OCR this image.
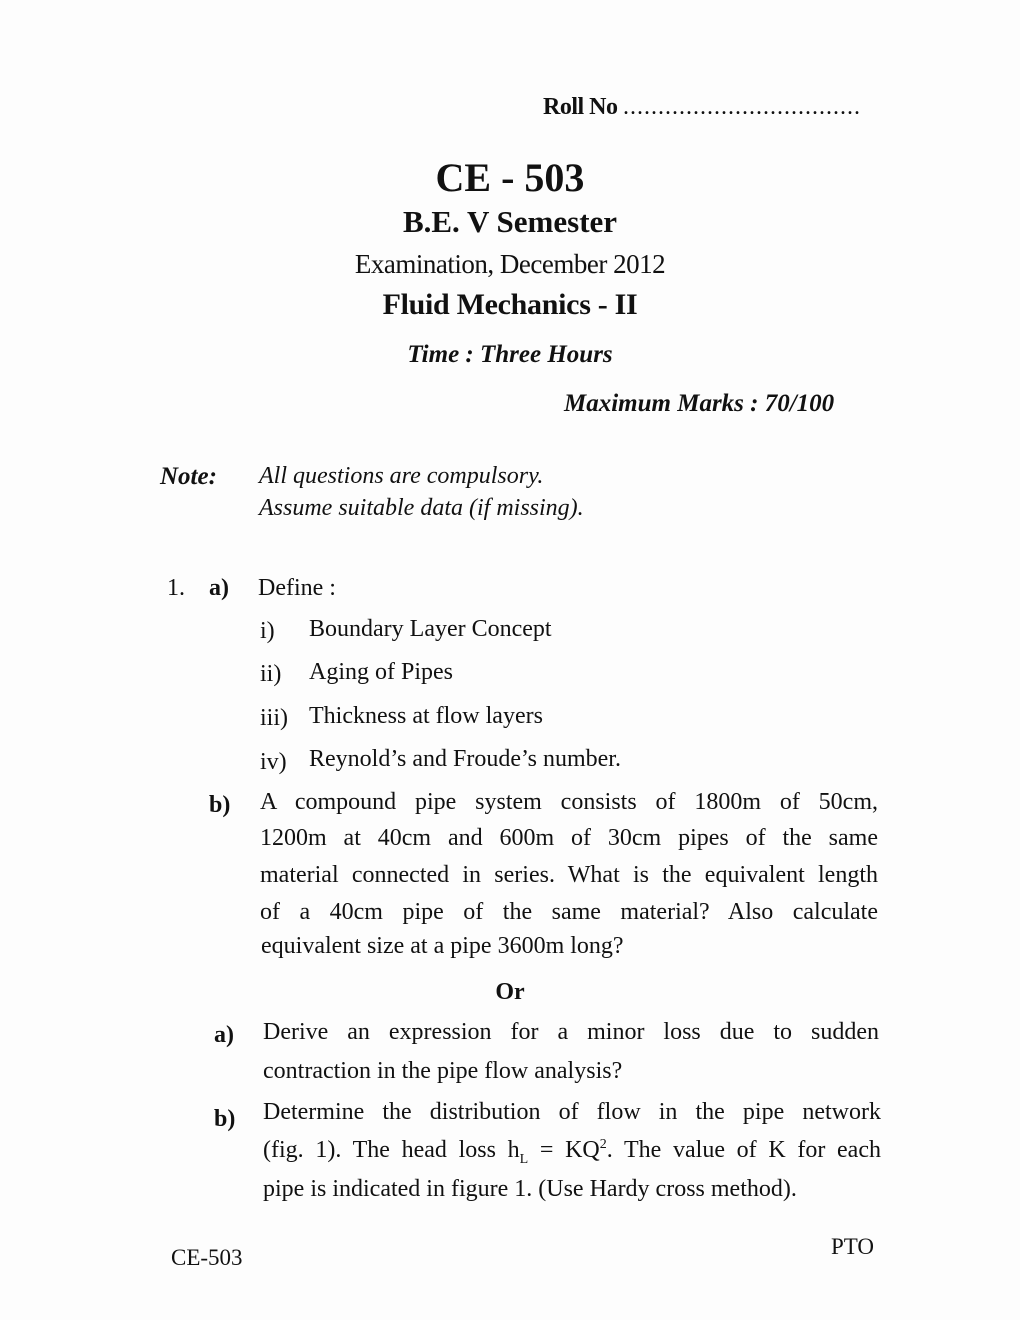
Roll No ..................................
CE - 503
B.E. V Semester
Examination, December 2012
Fluid Mechanics - II
Time : Three Hours
Maximum Marks : 70/100
Note: All questions are compulsory.
Assume suitable data (if missing).
1. a) Define :
i) Boundary Layer Concept
ii) Aging of Pipes
iii) Thickness at flow layers
iv) Reynold’s and Froude’s number.
b) A compound pipe system consists of 1800m of 50cm,
1200m at 40cm and 600m of 30cm pipes of the same
material connected in series. What is the equivalent length
of a 40cm pipe of the same material? Also calculate
equivalent size at a pipe 3600m long?
Or
a) Derive an expression for a minor loss due to sudden
contraction in the pipe flow analysis?
b) Determine the distribution of flow in the pipe network
(fig. 1). The head loss $h_L = KQ^2$. The value of K for each
pipe is indicated in figure 1. (Use Hardy cross method).
CE-503	PTO
